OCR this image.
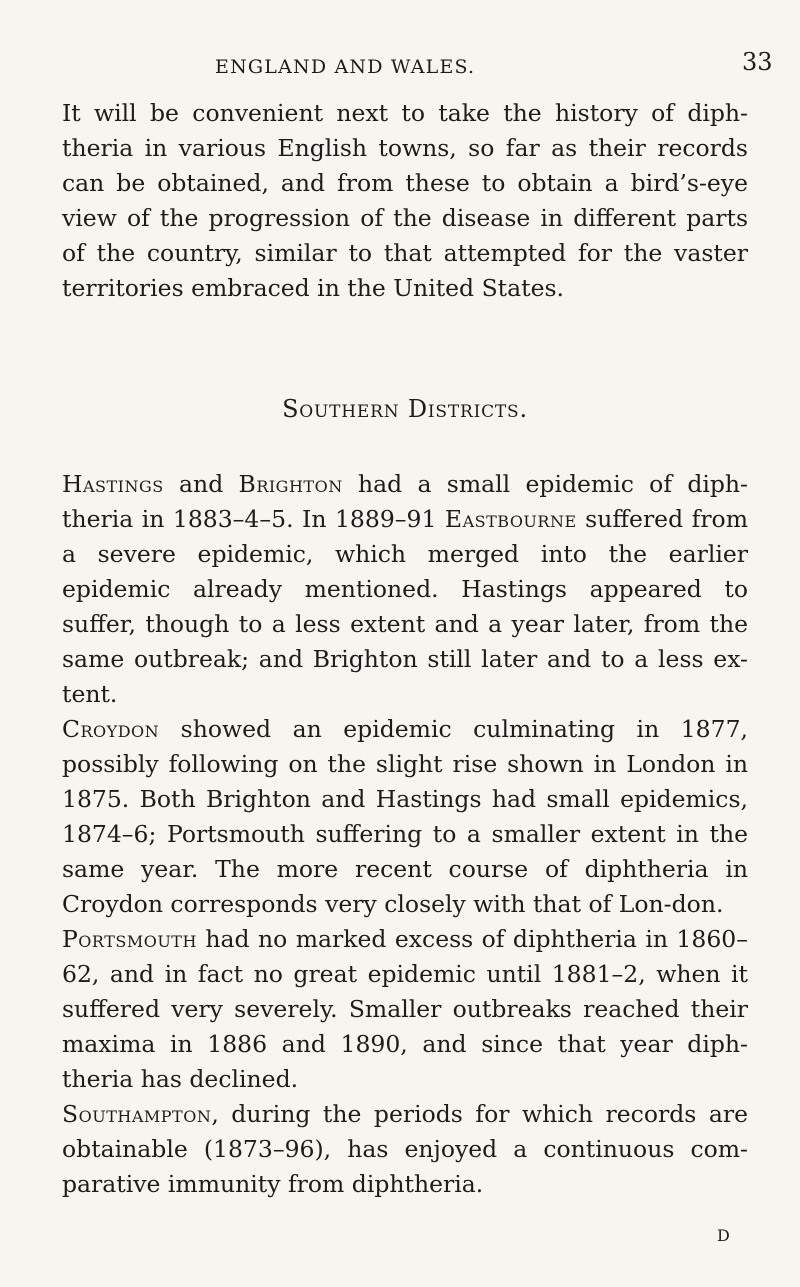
ENGLAND AND WALES.	33

It will be convenient next to take the history of diph-theria in various English towns, so far as their records can be obtained, and from these to obtain a bird’s-eye view of the progression of the disease in different parts of the country, similar to that attempted for the vaster territories embraced in the United States.

Southern Districts.

Hastings and Brighton had a small epidemic of diph-theria in 1883–4–5. In 1889–91 Eastbourne suffered from a severe epidemic, which merged into the earlier epidemic already mentioned. Hastings appeared to suffer, though to a less extent and a year later, from the same outbreak; and Brighton still later and to a less ex-tent.

Croydon showed an epidemic culminating in 1877, possibly following on the slight rise shown in London in 1875. Both Brighton and Hastings had small epidemics, 1874–6; Portsmouth suffering to a smaller extent in the same year. The more recent course of diphtheria in Croydon corresponds very closely with that of Lon-don.

Portsmouth had no marked excess of diphtheria in 1860–62, and in fact no great epidemic until 1881–2, when it suffered very severely. Smaller outbreaks reached their maxima in 1886 and 1890, and since that year diph-theria has declined.

Southampton, during the periods for which records are obtainable (1873–96), has enjoyed a continuous com-parative immunity from diphtheria.

D
